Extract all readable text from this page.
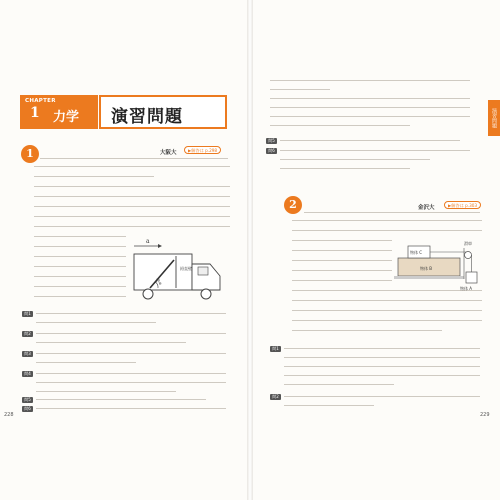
CHAPTER
1 力学 演習問題
1	大阪大	▶解答は p.298
a
鉛直壁
棒
θ
問1
問2
問3
問4
問5
問6
228
問5
問6
2	金沢大	▶解答は p.303
物体 B
物体 C
滑車
物体 A
問1
問2
229
演習問題
